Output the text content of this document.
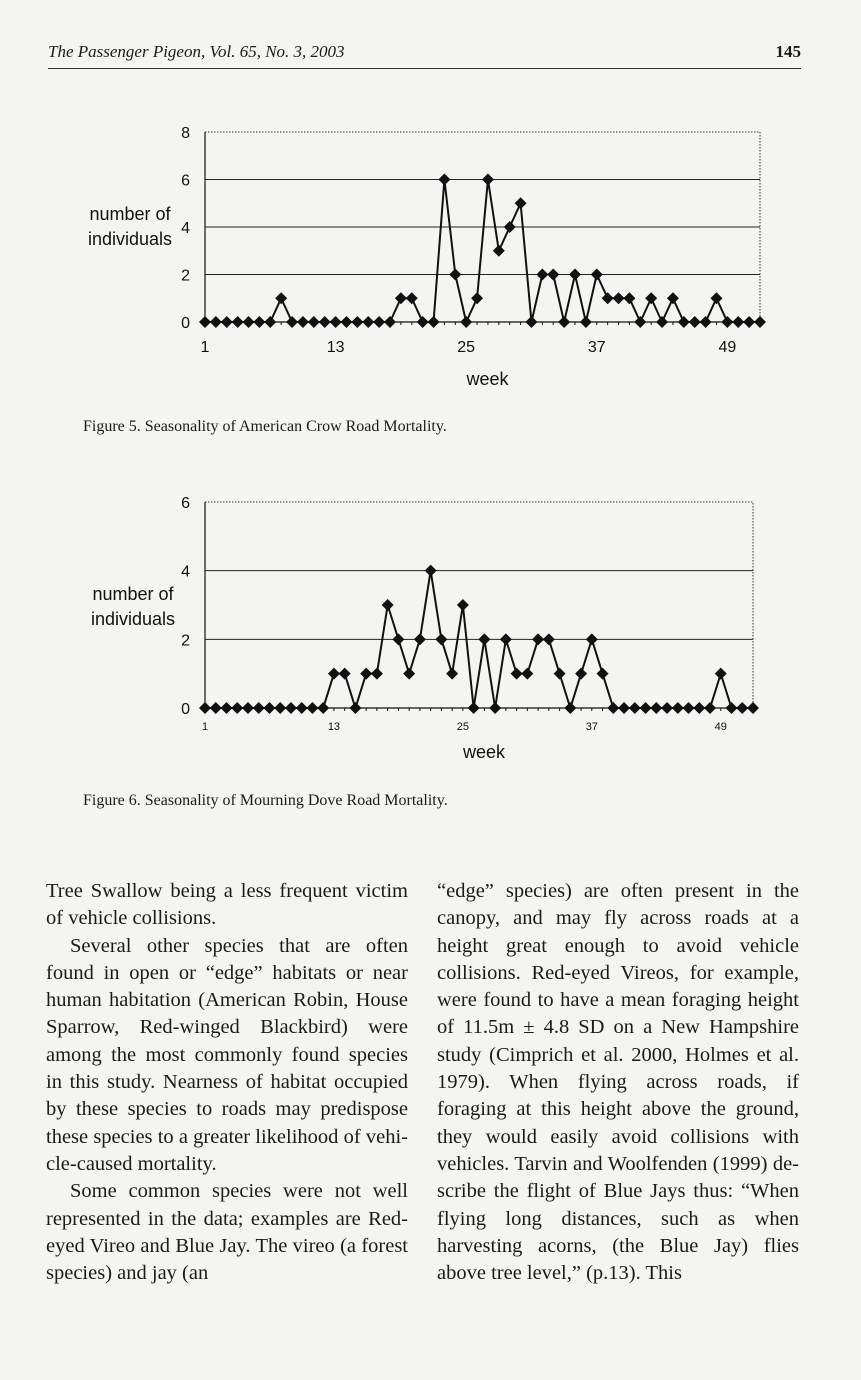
The Passenger Pigeon, Vol. 65, No. 3, 2003	145
0
2
4
6
8
1	13	25	37	49
week
number of
individuals
Figure 5. Seasonality of American Crow Road Mortality.
0
2
4
6
1	13	25	37	49
week
number of
individuals
Figure 6. Seasonality of Mourning Dove Road Mortality.

Tree Swallow being a less frequent victim of vehicle collisions.

Several other species that are often found in open or “edge” habitats or near human habitation (American Robin, House Sparrow, Red-winged Blackbird) were among the most commonly found species in this study. Nearness of habitat occupied by these species to roads may predispose these species to a greater likelihood of vehicle-caused mortality.

Some common species were not well represented in the data; examples are Red-eyed Vireo and Blue Jay. The vireo (a forest species) and jay (an

“edge” species) are often present in the canopy, and may fly across roads at a height great enough to avoid vehicle collisions. Red-eyed Vireos, for example, were found to have a mean foraging height of 11.5m ± 4.8 SD on a New Hampshire study (Cimprich et al. 2000, Holmes et al. 1979). When flying across roads, if foraging at this height above the ground, they would easily avoid collisions with vehicles. Tarvin and Woolfenden (1999) describe the flight of Blue Jays thus: “When flying long distances, such as when harvesting acorns, (the Blue Jay) flies above tree level,” (p.13). This
